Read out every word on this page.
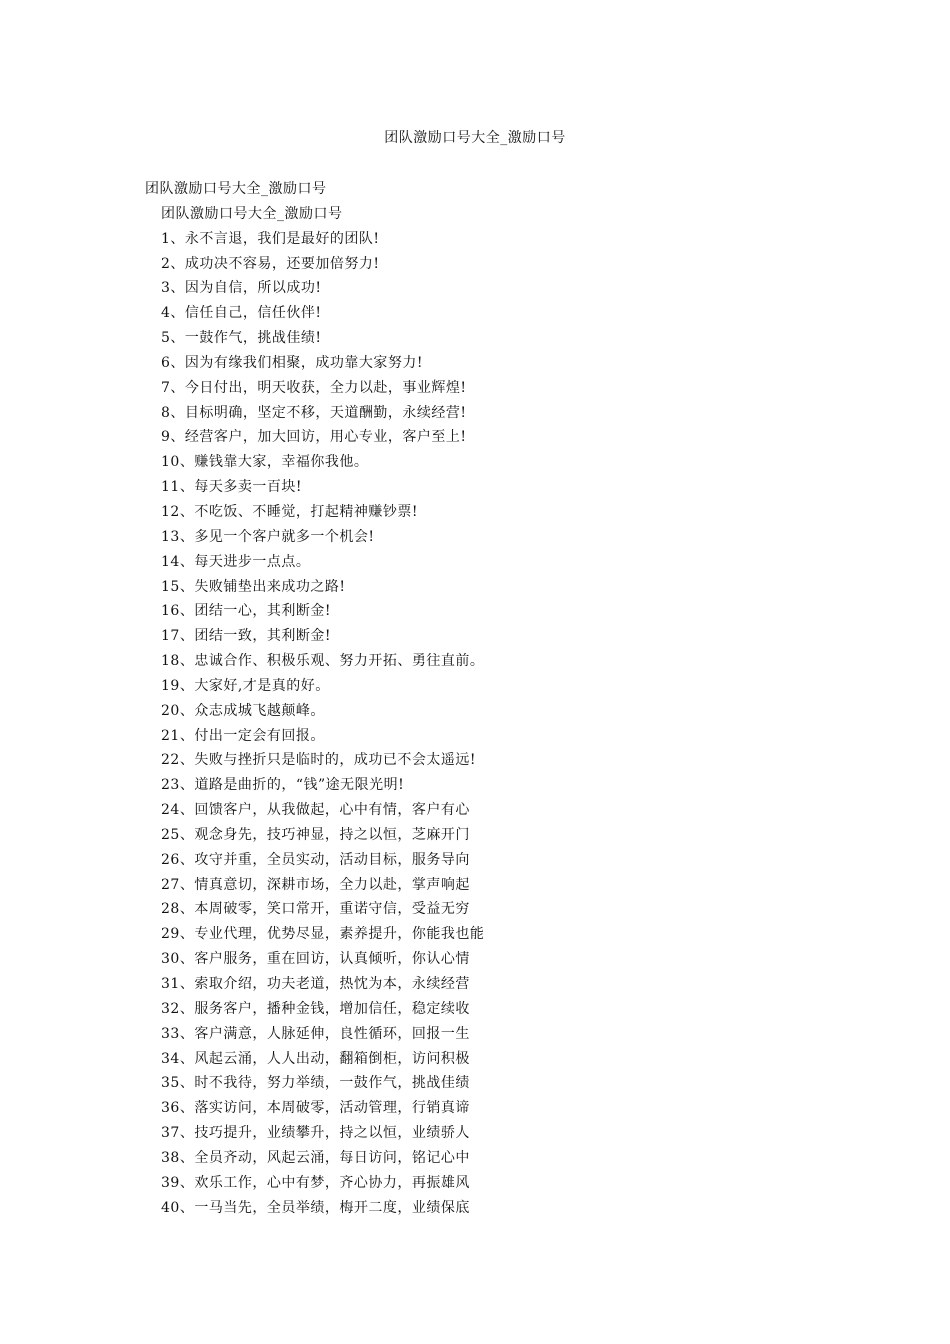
团队激励口号大全_激励口号
团队激励口号大全_激励口号
团队激励口号大全_激励口号
1、永不言退，我们是最好的团队!
2、成功决不容易，还要加倍努力!
3、因为自信，所以成功!
4、信任自己，信任伙伴!
5、一鼓作气，挑战佳绩!
6、因为有缘我们相聚，成功靠大家努力!
7、今日付出，明天收获，全力以赴，事业辉煌!
8、目标明确，坚定不移，天道酬勤，永续经营!
9、经营客户，加大回访，用心专业，客户至上!
10、赚钱靠大家，幸福你我他。
11、每天多卖一百块!
12、不吃饭、不睡觉，打起精神赚钞票!
13、多见一个客户就多一个机会!
14、每天进步一点点。
15、失败铺垫出来成功之路!
16、团结一心，其利断金!
17、团结一致，其利断金!
18、忠诚合作、积极乐观、努力开拓、勇往直前。
19、大家好,才是真的好。
20、众志成城飞越颠峰。
21、付出一定会有回报。
22、失败与挫折只是临时的，成功已不会太遥远!
23、道路是曲折的，“钱”途无限光明!
24、回馈客户，从我做起，心中有情，客户有心
25、观念身先，技巧神显，持之以恒，芝麻开门
26、攻守并重，全员实动，活动目标，服务导向
27、情真意切，深耕市场，全力以赴，掌声响起
28、本周破零，笑口常开，重诺守信，受益无穷
29、专业代理，优势尽显，素养提升，你能我也能
30、客户服务，重在回访，认真倾听，你认心情
31、索取介绍，功夫老道，热忱为本，永续经营
32、服务客户，播种金钱，增加信任，稳定续收
33、客户满意，人脉延伸，良性循环，回报一生
34、风起云涌，人人出动，翻箱倒柜，访问积极
35、时不我待，努力举绩，一鼓作气，挑战佳绩
36、落实访问，本周破零，活动管理，行销真谛
37、技巧提升，业绩攀升，持之以恒，业绩骄人
38、全员齐动，风起云涌，每日访问，铭记心中
39、欢乐工作，心中有梦，齐心协力，再振雄风
40、一马当先，全员举绩，梅开二度，业绩保底
